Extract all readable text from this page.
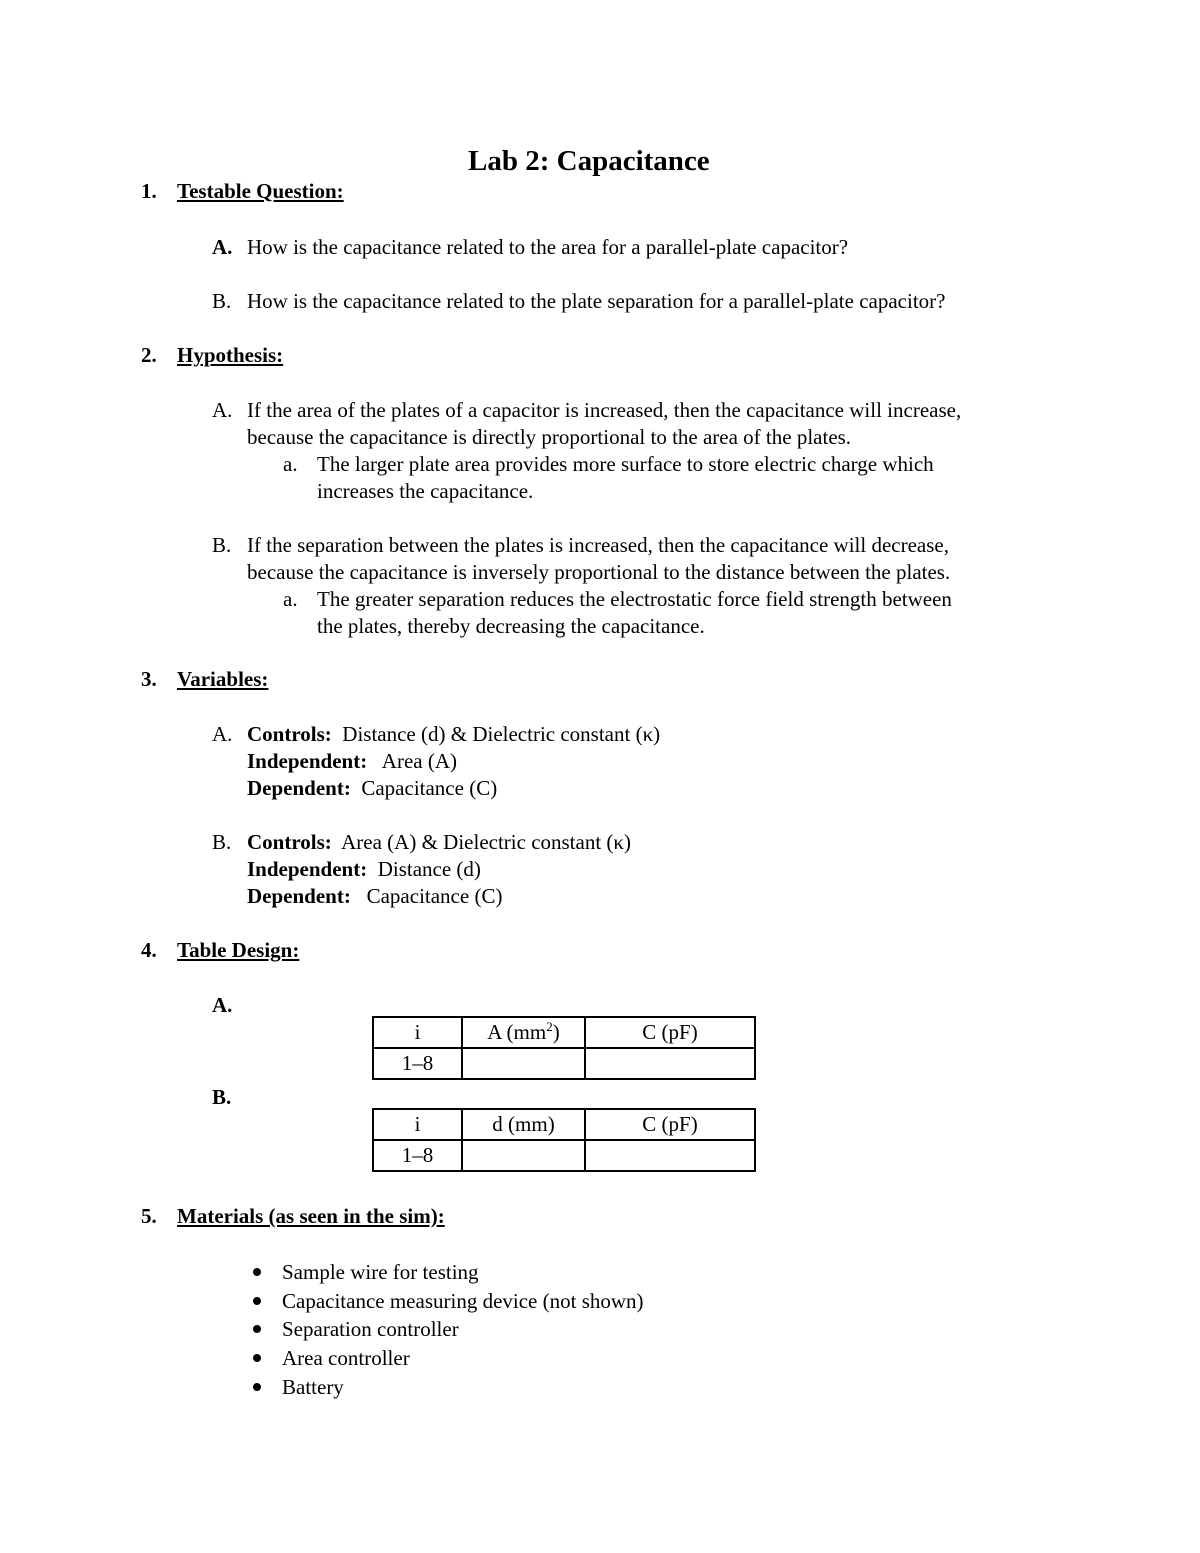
Lab 2: Capacitance
1. Testable Question:
A. How is the capacitance related to the area for a parallel-plate capacitor?
B. How is the capacitance related to the plate separation for a parallel-plate capacitor?
2. Hypothesis:
A. If the area of the plates of a capacitor is increased, then the capacitance will increase,
because the capacitance is directly proportional to the area of the plates.
a. The larger plate area provides more surface to store electric charge which
increases the capacitance.
B. If the separation between the plates is increased, then the capacitance will decrease,
because the capacitance is inversely proportional to the distance between the plates.
a. The greater separation reduces the electrostatic force field strength between
the plates, thereby decreasing the capacitance.
3. Variables:
A. Controls: Distance (d) & Dielectric constant (κ)
Independent: Area (A)
Dependent: Capacitance (C)
B. Controls: Area (A) & Dielectric constant (κ)
Independent: Distance (d)
Dependent: Capacitance (C)
4. Table Design:
A.
i	A $(mm^2)$	C (pF)
1–8		
B.
i	d (mm)	C (pF)
1–8		
5. Materials (as seen in the sim):
Sample wire for testing
Capacitance measuring device (not shown)
Separation controller
Area controller
Battery
